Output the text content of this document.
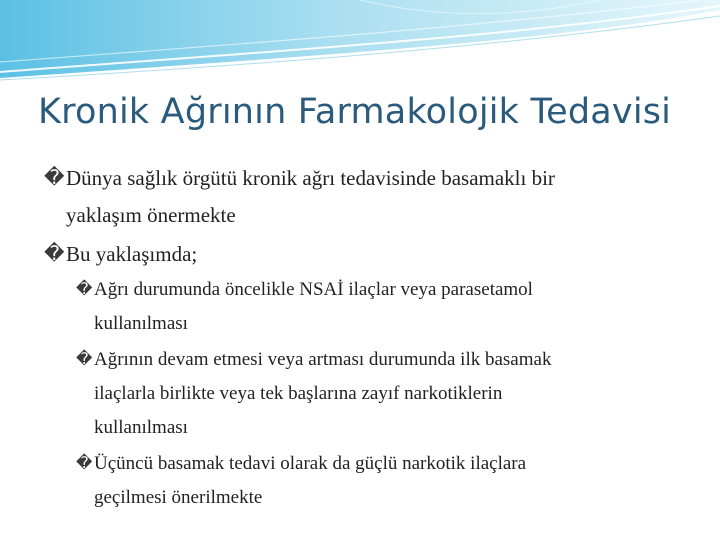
Kronik Ağrının Farmakolojik Tedavisi
� Dünya sağlık örgütü kronik ağrı tedavisinde basamaklı bir
yaklaşım önermekte
� Bu yaklaşımda;
� Ağrı durumunda öncelikle NSAİ ilaçlar veya parasetamol
kullanılması
� Ağrının devam etmesi veya artması durumunda ilk basamak
ilaçlarla birlikte veya tek başlarına zayıf narkotiklerin
kullanılması
� Üçüncü basamak tedavi olarak da güçlü narkotik ilaçlara
geçilmesi önerilmekte
